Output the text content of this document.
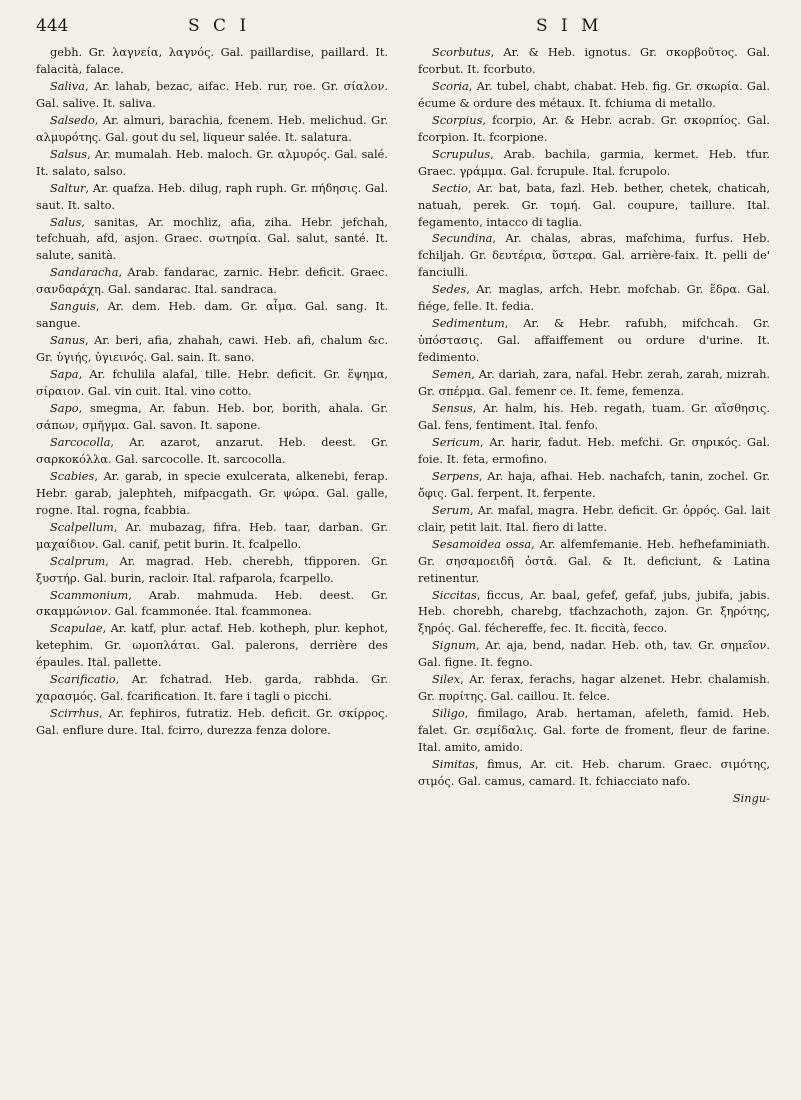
444	S C I	S I M

gebh. Gr. λαγνεία, λαγνός. Gal. paillardise, paillard. It. falacità, falace.

Saliva, Ar. lahab, bezac, aifac. Heb. rur, roe. Gr. σίαλον. Gal. salive. It. saliva.

Salsedo, Ar. almuri, barachia, fcenem. Heb. melichud. Gr. αλμυρότης. Gal. gout du sel, liqueur salée. It. salatura.

Salsus, Ar. mumalah. Heb. maloch. Gr. αλμυρός. Gal. salé. It. salato, salso.

Saltur, Ar. quafza. Heb. dilug, raph ruph. Gr. πήδησις. Gal. saut. It. salto.

Salus, sanitas, Ar. mochliz, afia, ziha. Hebr. jefchah, tefchuah, afd, asjon. Graec. σωτηρία. Gal. salut, santé. It. salute, sanità.

Sandaracha, Arab. fandarac, zarnic. Hebr. deficit. Graec. σανδαράχη. Gal. sandarac. Ital. sandraca.

Sanguis, Ar. dem. Heb. dam. Gr. αἷμα. Gal. sang. It. sangue.

Sanus, Ar. beri, afia, zhahah, cawi. Heb. afi, chalum &c. Gr. ὑγιής, ὑγιεινός. Gal. sain. It. sano.

Sapa, Ar. fchulila alafal, tille. Hebr. deficit. Gr. ἕψημα, σίραιον. Gal. vin cuit. Ital. vino cotto.

Sapo, smegma, Ar. fabun. Heb. bor, borith, ahala. Gr. σάπων, σμῆγμα. Gal. savon. It. sapone.

Sarcocolla, Ar. azarot, anzarut. Heb. deest. Gr. σαρκοκόλλα. Gal. sarcocolle. It. sarcocolla.

Scabies, Ar. garab, in specie exulcerata, alkenebi, ferap. Hebr. garab, jalephteh, mifpacgath. Gr. ψώρα. Gal. galle, rogne. Ital. rogna, fcabbia.

Scalpellum, Ar. mubazag, fifra. Heb. taar, darban. Gr. μαχαίδιον. Gal. canif, petit burin. It. fcalpello.

Scalprum, Ar. magrad. Heb. cherebh, tfipporen. Gr. ξυστήρ. Gal. burin, racloir. Ital. rafparola, fcarpello.

Scammonium, Arab. mahmuda. Heb. deest. Gr. σκαμμώνιον. Gal. fcammonée. Ital. fcammonea.

Scapulae, Ar. katf, plur. actaf. Heb. kotheph, plur. kephot, ketephim. Gr. ωμοπλάται. Gal. palerons, derrière des épaules. Ital. pallette.

Scarificatio, Ar. fchatrad. Heb. garda, rabhda. Gr. χαρασμός. Gal. fcarification. It. fare i tagli o picchi.

Scirrhus, Ar. fephiros, futratiz. Heb. deficit. Gr. σκίρρος. Gal. enflure dure. Ital. fcirro, durezza fenza dolore.

Scorbutus, Ar. & Heb. ignotus. Gr. σκορβοῦτος. Gal. fcorbut. It. fcorbuto.

Scoria, Ar. tubel, chabt, chabat. Heb. fig. Gr. σκωρία. Gal. écume & ordure des métaux. It. fchiuma di metallo.

Scorpius, fcorpio, Ar. & Hebr. acrab. Gr. σκορπίος. Gal. fcorpion. It. fcorpione.

Scrupulus, Arab. bachila, garmia, kermet. Heb. tfur. Graec. γράμμα. Gal. fcrupule. Ital. fcrupolo.

Sectio, Ar. bat, bata, fazl. Heb. bether, chetek, chaticah, natuah, perek. Gr. τομή. Gal. coupure, taillure. Ital. fegamento, intacco di taglia.

Secundina, Ar. chalas, abras, mafchima, furfus. Heb. fchiljah. Gr. δευτέρια, ὕστερα. Gal. arrière-faix. It. pelli de' fanciulli.

Sedes, Ar. maglas, arfch. Hebr. mofchab. Gr. ἕδρα. Gal. fiége, felle. It. fedia.

Sedimentum, Ar. & Hebr. rafubh, mifchcah. Gr. ὑπόστασις. Gal. affaiffement ou ordure d'urine. It. fedimento.

Semen, Ar. dariah, zara, nafal. Hebr. zerah, zarah, mizrah. Gr. σπέρμα. Gal. femenr ce. It. feme, femenza.

Sensus, Ar. halm, his. Heb. regath, tuam. Gr. αἴσθησις. Gal. fens, fentiment. Ital. fenfo.

Sericum, Ar. harir, fadut. Heb. mefchi. Gr. σηρικός. Gal. foie. It. feta, ermofino.

Serpens, Ar. haja, afhai. Heb. nachafch, tanin, zochel. Gr. ὄφις. Gal. ferpent. It. ferpente.

Serum, Ar. mafal, magra. Hebr. deficit. Gr. ὀρρός. Gal. lait clair, petit lait. Ital. fiero di latte.

Sesamoidea ossa, Ar. alfemfemanie. Heb. hefhefaminiath. Gr. σησαμοειδῆ ὀστᾶ. Gal. & It. deficiunt, & Latina retinentur.

Siccitas, ficcus, Ar. baal, gefef, gefaf, jubs, jubifa, jabis. Heb. chorebh, charebg, tfachzachoth, zajon. Gr. ξηρότης, ξηρός. Gal. féchereffe, fec. It. ficcità, fecco.

Signum, Ar. aja, bend, nadar. Heb. oth, tav. Gr. σημεῖον. Gal. figne. It. fegno.

Silex, Ar. ferax, ferachs, hagar alzenet. Hebr. chalamish. Gr. πυρίτης. Gal. caillou. It. felce.

Siligo, fimilago, Arab. hertaman, afeleth, famid. Heb. falet. Gr. σεμίδαλις. Gal. forte de froment, fleur de farine. Ital. amito, amido.

Simitas, fimus, Ar. cit. Heb. charum. Graec. σιμότης, σιμός. Gal. camus, camard. It. fchiacciato nafo.

Singu-
